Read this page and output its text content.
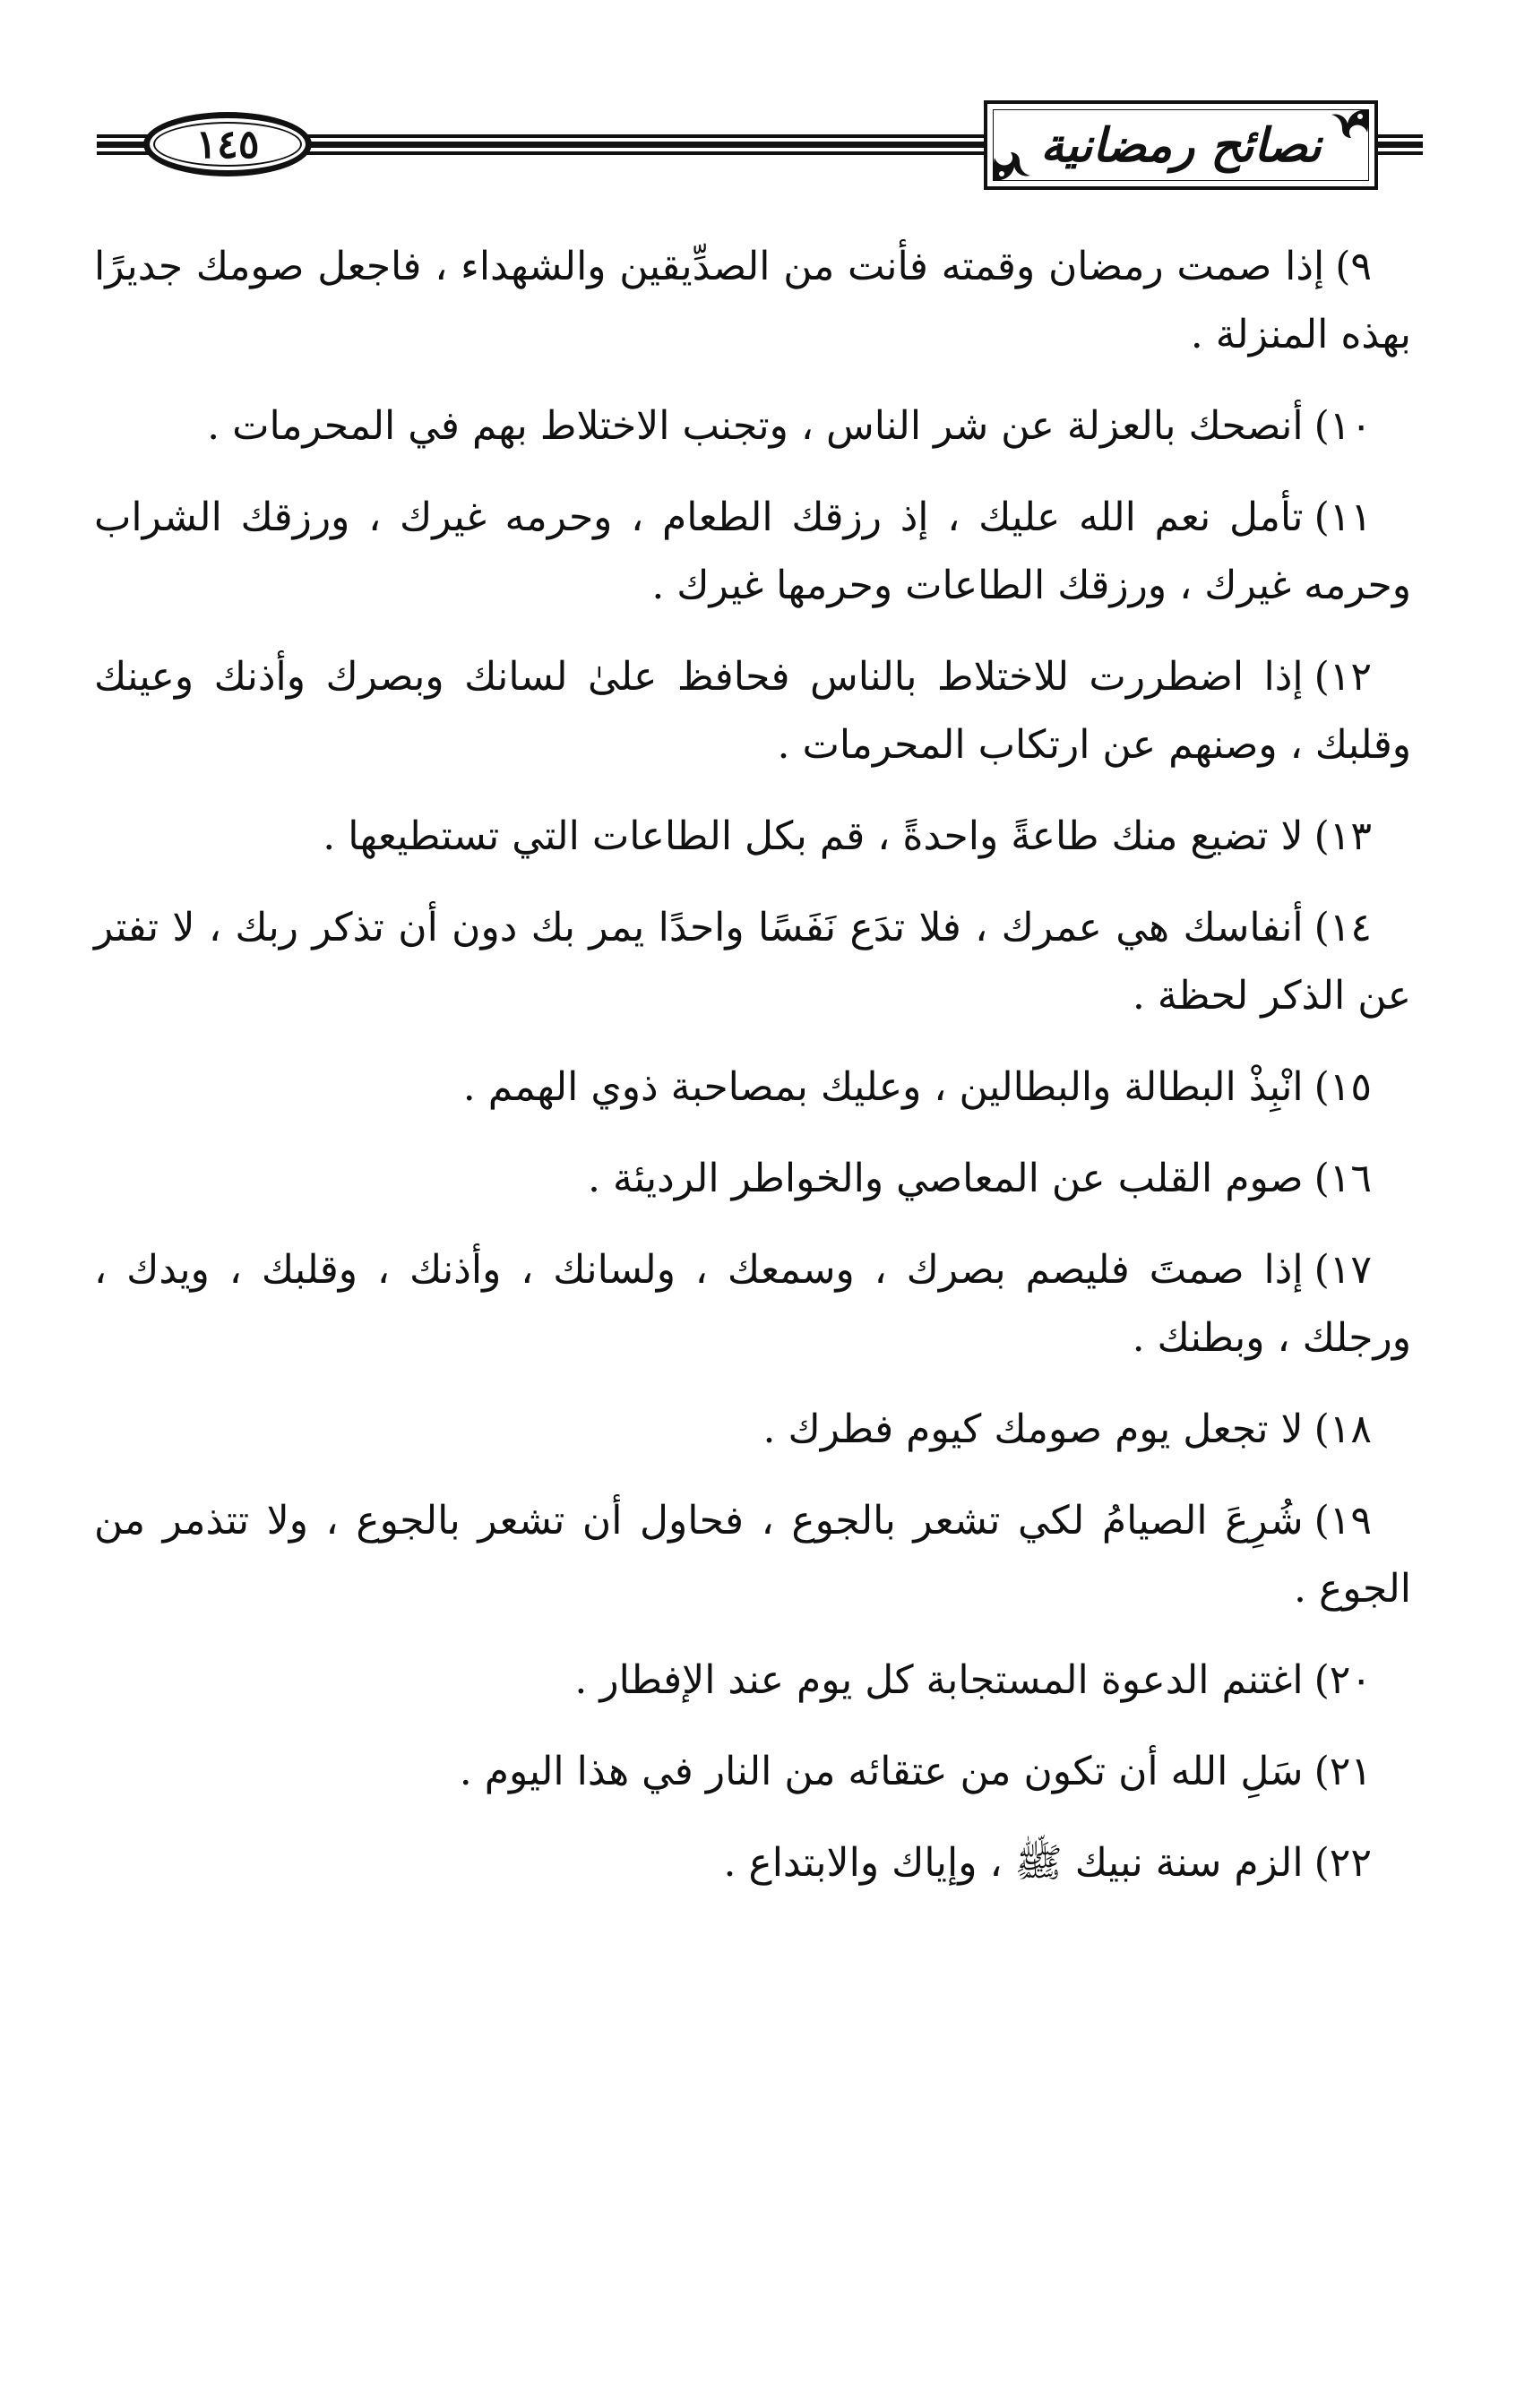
١٤٥	نصائح رمضانية

٩)إذا صمت رمضان وقمته فأنت من الصدِّيقين والشهداء ، فاجعل صومك جديرًا بهذه المنزلة .

١٠)أنصحك بالعزلة عن شر الناس ، وتجنب الاختلاط بهم في المحرمات .

١١)تأمل نعم الله عليك ، إذ رزقك الطعام ، وحرمه غيرك ، ورزقك الشراب وحرمه غيرك ، ورزقك الطاعات وحرمها غيرك .

١٢)إذا اضطررت للاختلاط بالناس فحافظ علىٰ لسانك وبصرك وأذنك وعينك وقلبك ، وصنهم عن ارتكاب المحرمات .

١٣)لا تضيع منك طاعةً واحدةً ، قم بكل الطاعات التي تستطيعها .

١٤)أنفاسك هي عمرك ، فلا تدَع نَفَسًا واحدًا يمر بك دون أن تذكر ربك ، لا تفتر عن الذكر لحظة .

١٥)انْبِذْ البطالة والبطالين ، وعليك بمصاحبة ذوي الهمم .

١٦)صوم القلب عن المعاصي والخواطر الرديئة .

١٧)إذا صمتَ فليصم بصرك ، وسمعك ، ولسانك ، وأذنك ، وقلبك ، ويدك ، ورجلك ، وبطنك .

١٨)لا تجعل يوم صومك كيوم فطرك .

١٩)شُرِعَ الصيامُ لكي تشعر بالجوع ، فحاول أن تشعر بالجوع ، ولا تتذمر من الجوع .

٢٠)اغتنم الدعوة المستجابة كل يوم عند الإفطار .

٢١)سَلِ الله أن تكون من عتقائه من النار في هذا اليوم .

٢٢)الزم سنة نبيك ﷺ ، وإياك والابتداع .
